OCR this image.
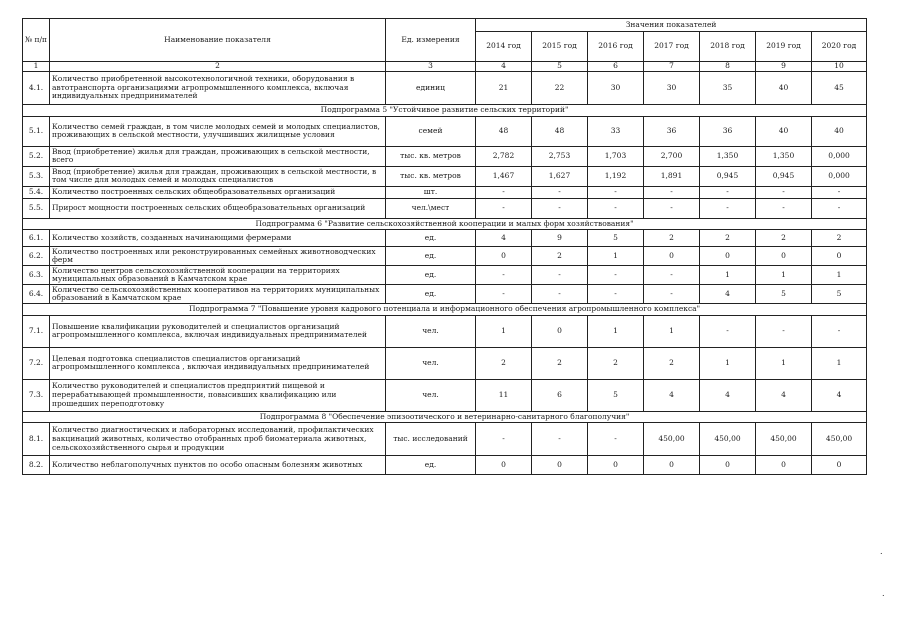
№ п/п	Наименование показателя	Ед. измерения	Значения показателей						
			2014 год	2015 год	2016 год	2017 год	2018 год	2019 год	2020 год
1	2	3	4	5	6	7	8	9	10
4.1.	Количество приобретенной высокотехнологичной техники, оборудования в автотранспорта организациями агропромышленного комплекса, включая индивидуальных предпринимателей	единиц	21	22	30	30	35	40	45
Подпрограмма 5 "Устойчивое развитие сельских территорий"									
5.1.	Количество семей граждан, в том числе молодых семей и молодых специалистов, проживающих в сельской местности, улучшивших жилищные условия	семей	48	48	33	36	36	40	40
5.2.	Ввод (приобретение) жилья для граждан, проживающих в сельской местности, всего	тыс. кв. метров	2,782	2,753	1,703	2,700	1,350	1,350	0,000
5.3.	Ввод (приобретение) жилья для граждан, проживающих в сельской местности, в том числе для молодых семей и молодых специалистов	тыс. кв. метров	1,467	1,627	1,192	1,891	0,945	0,945	0,000
5.4.	Количество построенных сельских общеобразовательных организаций	шт.	-	-	-	-	-	-	-
5.5.	Прирост мощности построенных сельских общеобразовательных организаций	чел.\мест	-	-	-	-	-	-	-
Подпрограмма 6 "Развитие сельскохозяйственной кооперации и малых форм хозяйствования"									
6.1.	Количество хозяйств, созданных начинающими фермерами	ед.	4	9	5	2	2	2	2
6.2.	Количество построенных или реконструированных семейных животноводческих ферм	ед.	0	2	1	0	0	0	0
6.3.	Количество центров сельскохозяйственной кооперации на территориях муниципальных образований в Камчатском крае	ед.	-	-	-	-	1	1	1
6.4.	Количество сельскохозяйственных кооперативов на территориях муниципальных образований в Камчатском крае	ед.	-	-	-	-	4	5	5
Подпрограмма 7 "Повышение уровня кадрового потенциала и информационного обеспечения агропромышленного комплекса"									
7.1.	Повышение квалификации руководителей и специалистов организаций агропромышленного комплекса, включая индивидуальных предпринимателей	чел.	1	0	1	1	-	-	-
7.2.	Целевая подготовка специалистов специалистов организаций агропромышленного комплекса , включая индивидуальных предпринимателей	чел.	2	2	2	2	1	1	1
7.3.	Количество руководителей и специалистов предприятий пищевой и перерабатывающей промышленности, повысивших квалификацию или прошедших переподготовку	чел.	11	6	5	4	4	4	4
Подпрограмма 8 "Обеспечение эпизоотического и ветеринарно-санитарного благополучия"									
8.1.	Количество диагностических и лабораторных исследований, профилактических вакцинаций животных, количество отобранных проб биоматериала животных, сельскохозяйственного сырья и продукции	тыс. исследований	-	-	-	450,00	450,00	450,00	450,00
8.2.	Количество неблагополучных пунктов по особо опасным болезням животных	ед.	0	0	0	0	0	0	0
.
.
